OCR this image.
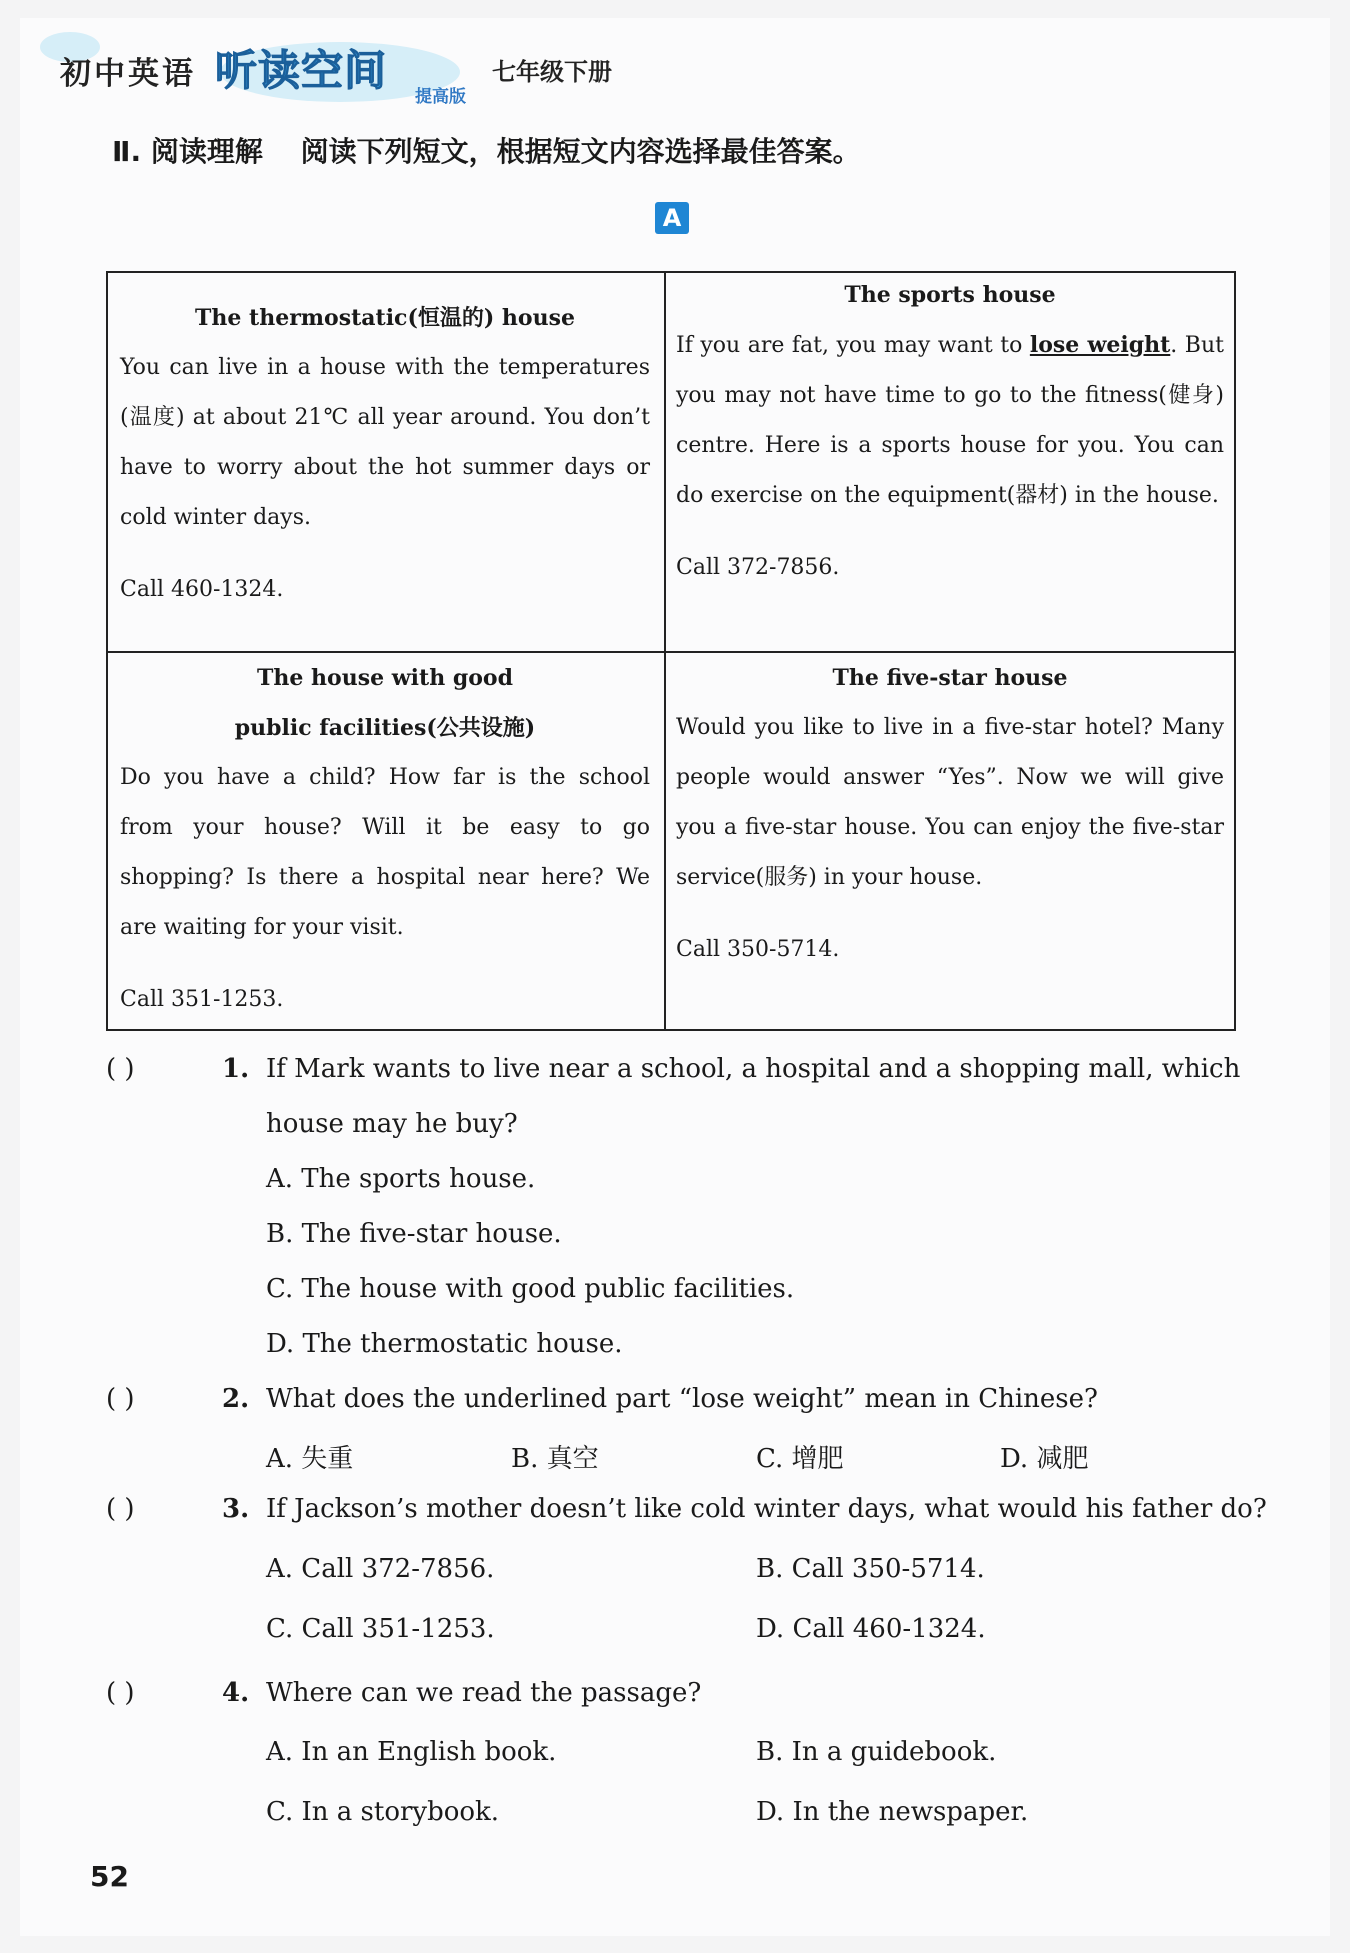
初中英语 听读空间
提高版
七年级下册
Ⅱ. 阅读理解 阅读下列短文，根据短文内容选择最佳答案。
A
The thermostatic(恒温的) house
You can live in a house with the temperatures (温度) at about 21℃ all year around. You don’t have to worry about the hot summer days or cold winter days.
Call 460-1324.
The sports house
If you are fat, you may want to lose weight. But you may not have time to go to the fitness(健身) centre. Here is a sports house for you. You can do exercise on the equipment(器材) in the house.
Call 372-7856.
The house with good
public facilities(公共设施)
Do you have a child? How far is the school from your house? Will it be easy to go shopping? Is there a hospital near here? We are waiting for your visit.
Call 351-1253.
The five-star house
Would you like to live in a five-star hotel? Many people would answer “Yes”. Now we will give you a five-star house. You can enjoy the five-star service(服务) in your house.
Call 350-5714.
( )	1. If Mark wants to live near a school, a hospital and a shopping mall, which
house may he buy?
A. The sports house.
B. The five-star house.
C. The house with good public facilities.
D. The thermostatic house.
( )	2. What does the underlined part “lose weight” mean in Chinese?
A. 失重	B. 真空	C. 增肥	D. 减肥
( )	3. If Jackson’s mother doesn’t like cold winter days, what would his father do?
A. Call 372-7856.	B. Call 350-5714.
C. Call 351-1253.	D. Call 460-1324.
( )	4. Where can we read the passage?
A. In an English book.	B. In a guidebook.
C. In a storybook.	D. In the newspaper.
52
